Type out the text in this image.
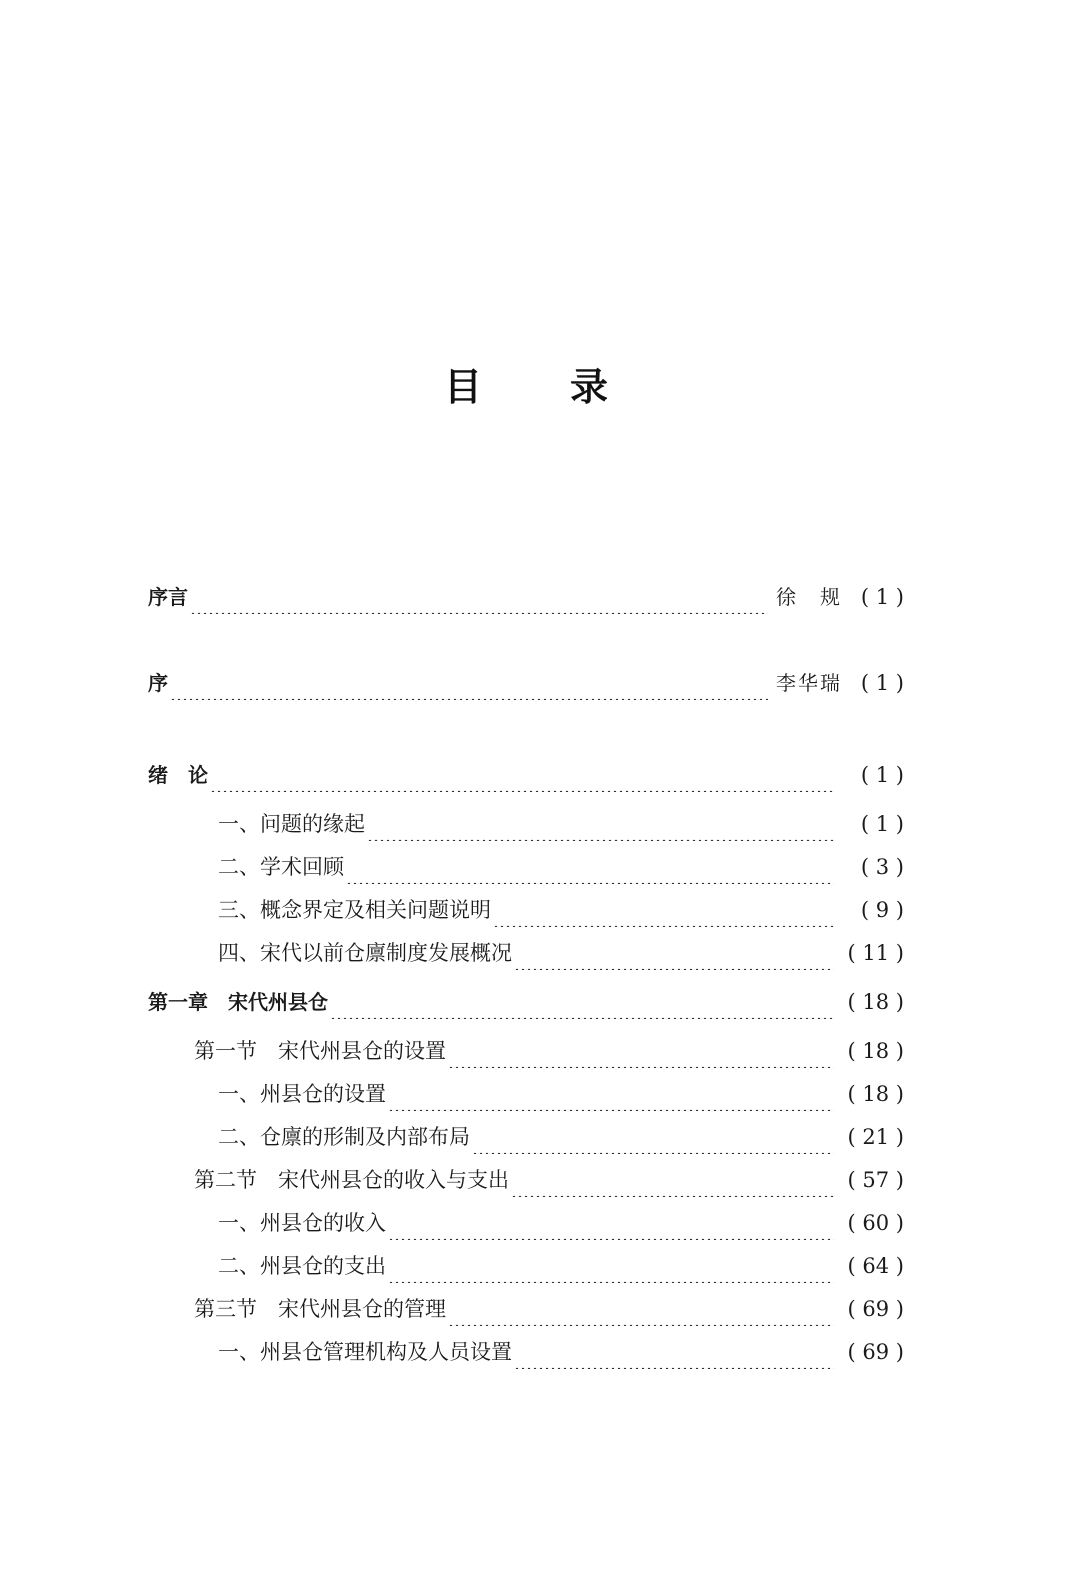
目 录
序言	徐　规 ( 1 )
序	李华瑞 ( 1 )
绪　论	( 1 )
一、问题的缘起	( 1 )
二、学术回顾	( 3 )
三、概念界定及相关问题说明	( 9 )
四、宋代以前仓廪制度发展概况	( 11 )
第一章　宋代州县仓	( 18 )
第一节　宋代州县仓的设置	( 18 )
一、州县仓的设置	( 18 )
二、仓廪的形制及内部布局	( 21 )
第二节　宋代州县仓的收入与支出	( 57 )
一、州县仓的收入	( 60 )
二、州县仓的支出	( 64 )
第三节　宋代州县仓的管理	( 69 )
一、州县仓管理机构及人员设置	( 69 )
